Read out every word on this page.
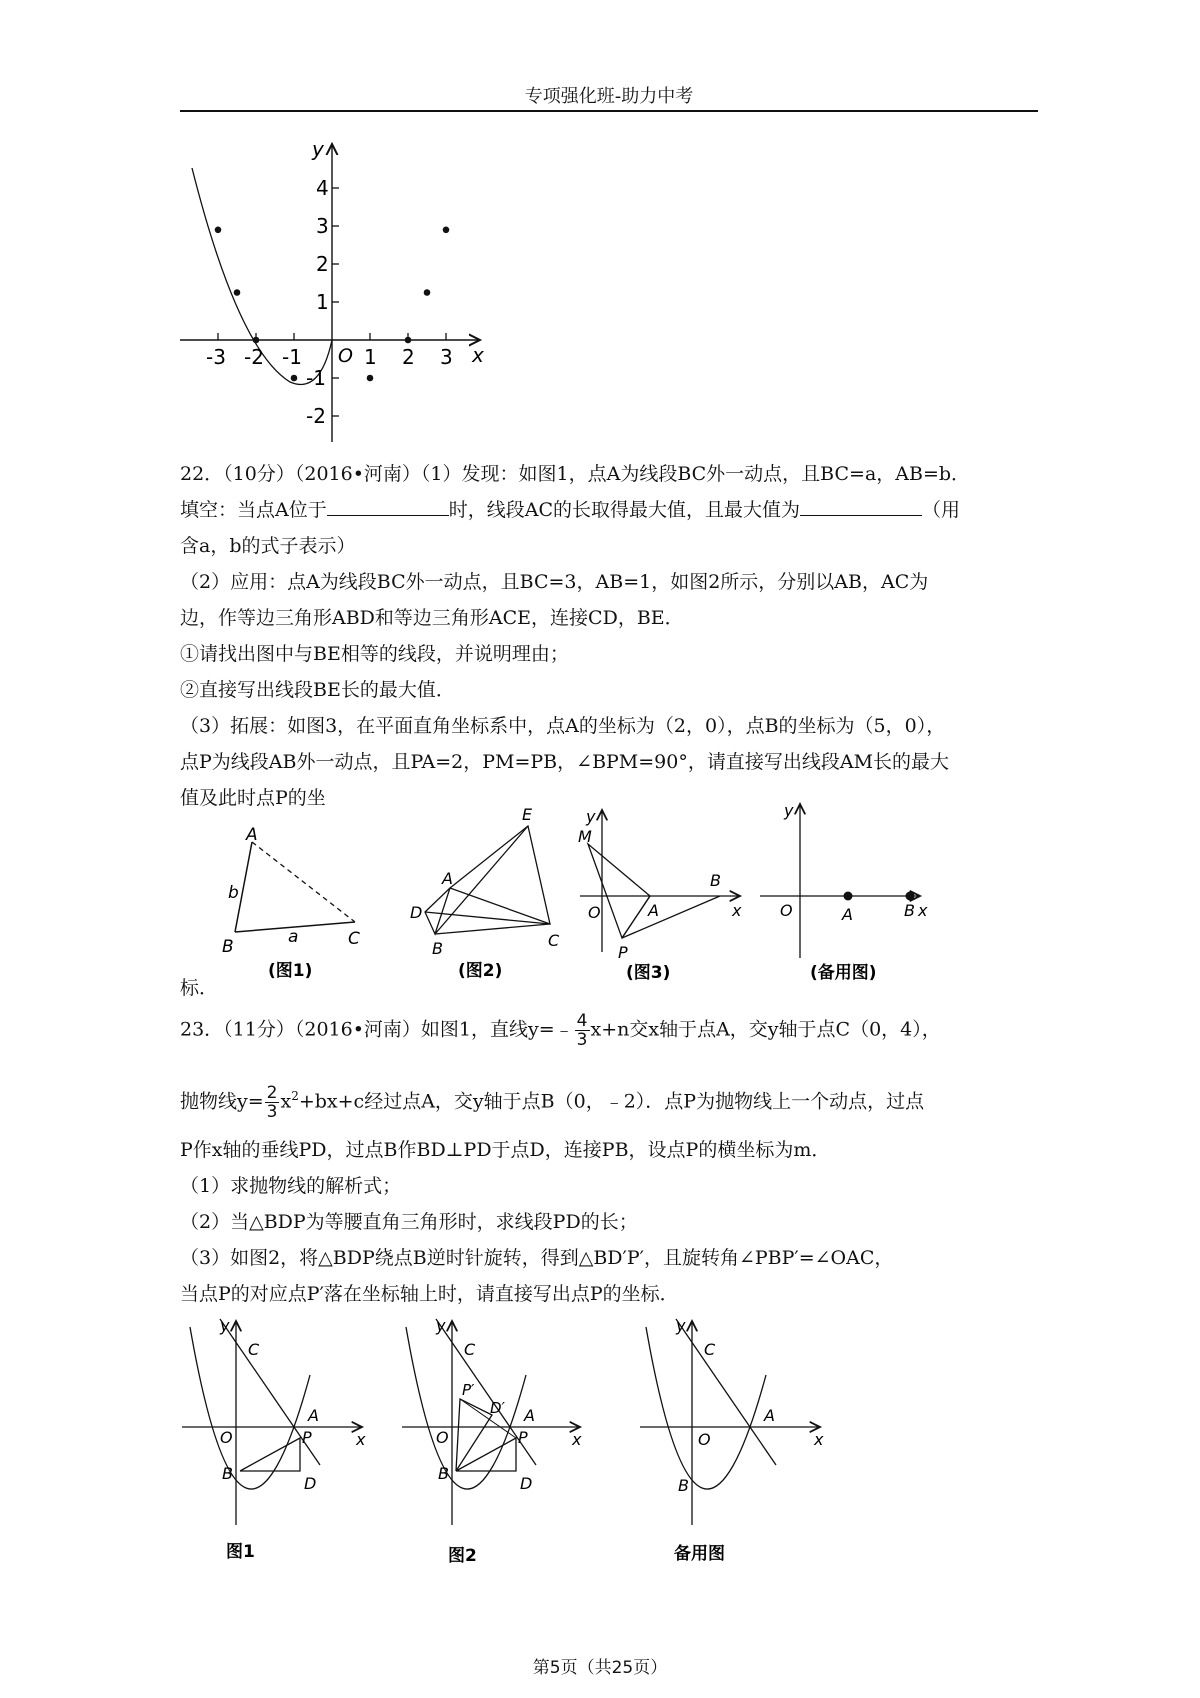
专项强化班-助力中考
4
3
2
1
-1
-2
-3 -2 -1	1 2 3
y
x
O
22．（10分）（2016•河南）（1）发现：如图1，点A为线段BC外一动点，且BC=a，AB=b．
填空：当点A位于	时，线段AC的长取得最大值，且最大值为	（用
含a，b的式子表示）
（2）应用：点A为线段BC外一动点，且BC=3，AB=1，如图2所示，分别以AB，AC为
边，作等边三角形ABD和等边三角形ACE，连接CD，BE．
①请找出图中与BE相等的线段，并说明理由；
②直接写出线段BE长的最大值．
（3）拓展：如图3，在平面直角坐标系中，点A的坐标为（2，0），点B的坐标为（5，0），
点P为线段AB外一动点，且PA=2，PM=PB，∠BPM=90°，请直接写出线段AM长的最大
值及此时点P的坐
标．
A
b
B	a	C
(图1)
E
A
D
B	C
(图2)
y
M
B
x
O	A
P
(图3)
y
O	A	B x
(备用图)
23．（11分）（2016•河南）如图1，直线y=﹣ $\frac{4}{3} x+n$交x轴于点A，交y轴于点C（0，4），
抛物线$y= \frac{2}{3} x^2+bx+c$经过点A，交y轴于点B（0，﹣2）．点P为抛物线上一个动点，过点
P作x轴的垂线PD，过点B作BD⊥PD于点D，连接PB，设点P的横坐标为m．
（1）求抛物线的解析式；
（2）当△BDP为等腰直角三角形时，求线段PD的长；
（3）如图2，将△BDP绕点B逆时针旋转，得到△BD′P′，且旋转角∠PBP′=∠OAC，
当点P的对应点P′落在坐标轴上时，请直接写出点P的坐标．
y
C
A
x
O	P
B
D
图1
y
C
P′
D′ A
x
O	P
B
D
图2
y
C
A
x
O
B
备用图
第5页（共25页）
